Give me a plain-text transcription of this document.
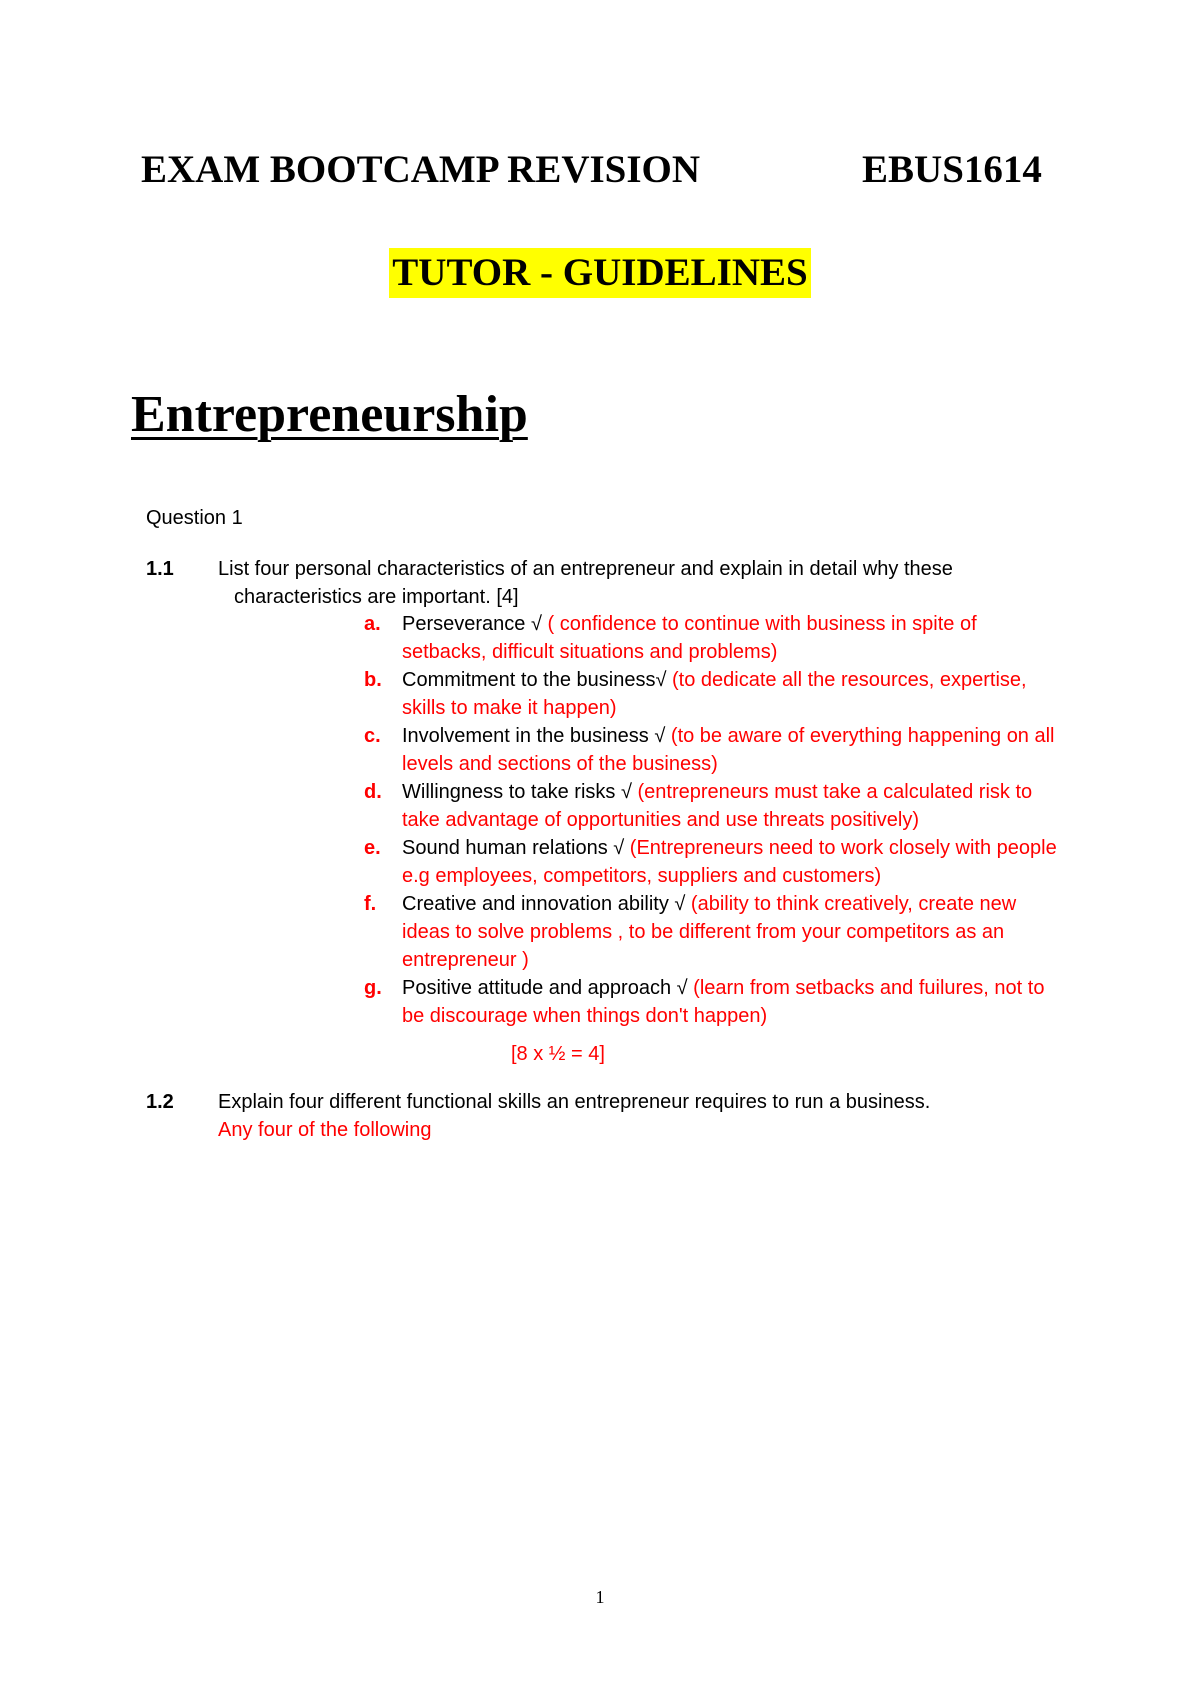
EXAM BOOTCAMP REVISION	EBUS1614
TUTOR - GUIDELINES
Entrepreneurship
Question 1
1.1 List four personal characteristics of an entrepreneur and explain in detail why these
characteristics are important. [4]

a. Perseverance √ ( confidence to continue with business in spite of setbacks, difficult situations and problems)

b. Commitment to the business√ (to dedicate all the resources, expertise, skills to make it happen)

c. Involvement in the business √ (to be aware of everything happening on all levels and sections of the business)

d. Willingness to take risks √ (entrepreneurs must take a calculated risk to take advantage of opportunities and use threats positively)

e. Sound human relations √ (Entrepreneurs need to work closely with people e.g employees, competitors, suppliers and customers)

f. Creative and innovation ability √ (ability to think creatively, create new ideas to solve problems , to be different from your competitors as an entrepreneur )

g. Positive attitude and approach √ (learn from setbacks and fuilures, not to be discourage when things don't happen)

[8 x ½ = 4]
1.2 Explain four different functional skills an entrepreneur requires to run a business.
Any four of the following
1
